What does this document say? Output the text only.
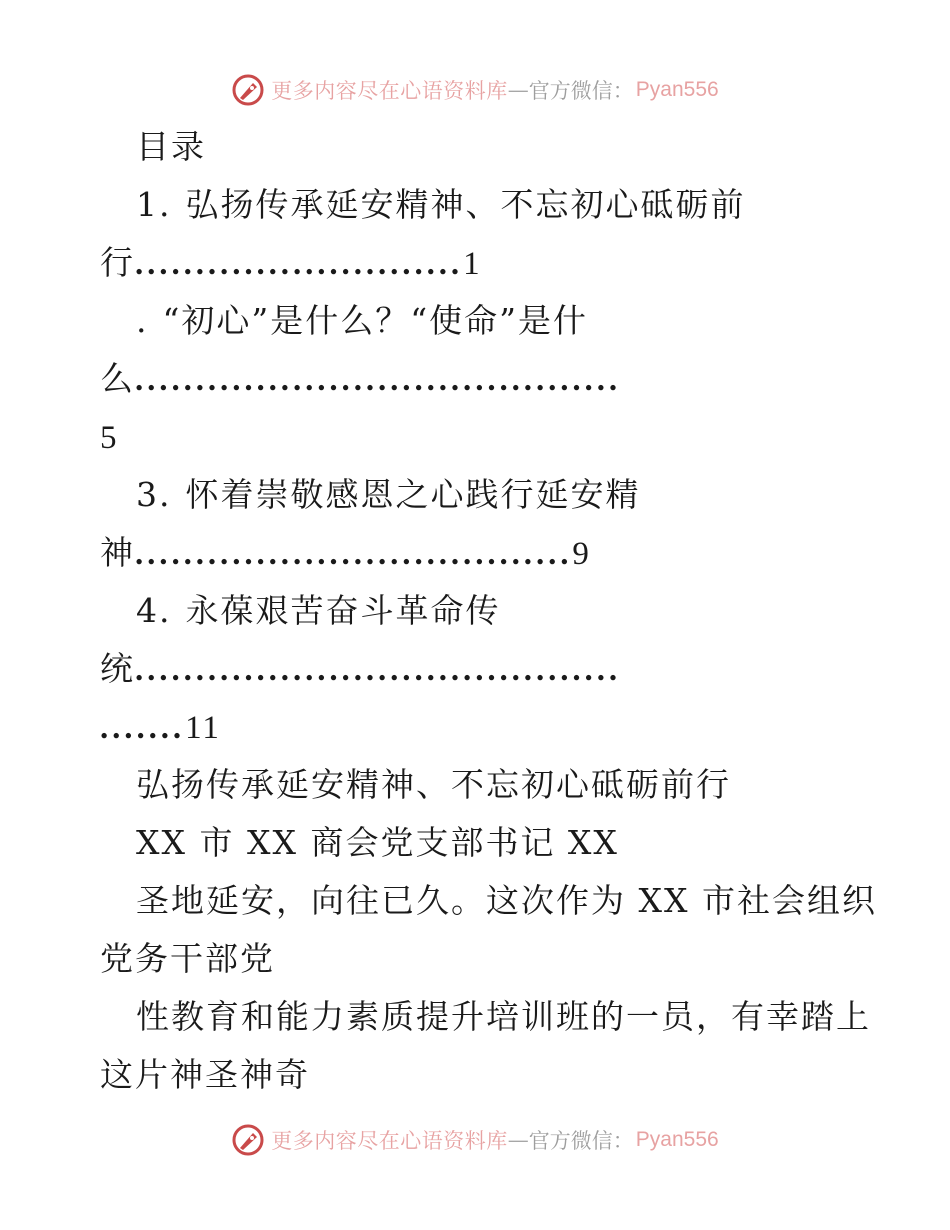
更多内容尽在心语资料库 — 官方微信： Pyan556
目录
1. 弘扬传承延安精神、不忘初心砥砺前
行...........................1
. “初心”是什么？“使命”是什
么........................................
5
3. 怀着崇敬感恩之心践行延安精
神....................................9
4. 永葆艰苦奋斗革命传
统........................................
.......11
弘扬传承延安精神、不忘初心砥砺前行
XX 市 XX 商会党支部书记 XX
圣地延安，向往已久。这次作为 XX 市社会组织
党务干部党
性教育和能力素质提升培训班的一员，有幸踏上
这片神圣神奇
更多内容尽在心语资料库 — 官方微信： Pyan556
